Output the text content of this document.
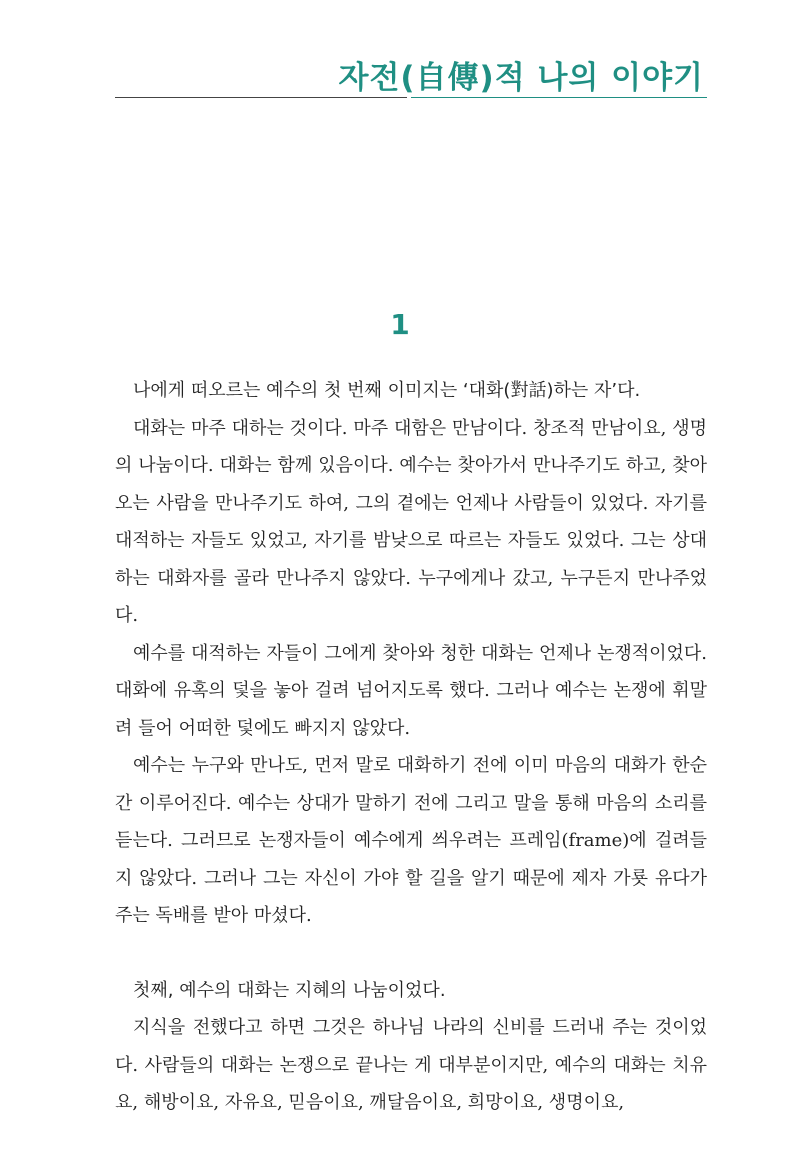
자전(自傳)적 나의 이야기
1

나에게 떠오르는 예수의 첫 번째 이미지는 ‘대화(對話)하는 자’다.

대화는 마주 대하는 것이다. 마주 대함은 만남이다. 창조적 만남이요, 생명의 나눔이다. 대화는 함께 있음이다. 예수는 찾아가서 만나주기도 하고, 찾아오는 사람을 만나주기도 하여, 그의 곁에는 언제나 사람들이 있었다. 자기를 대적하는 자들도 있었고, 자기를 밤낮으로 따르는 자들도 있었다. 그는 상대하는 대화자를 골라 만나주지 않았다. 누구에게나 갔고, 누구든지 만나주었다.

예수를 대적하는 자들이 그에게 찾아와 청한 대화는 언제나 논쟁적이었다. 대화에 유혹의 덫을 놓아 걸려 넘어지도록 했다. 그러나 예수는 논쟁에 휘말려 들어 어떠한 덫에도 빠지지 않았다.

예수는 누구와 만나도, 먼저 말로 대화하기 전에 이미 마음의 대화가 한순간 이루어진다. 예수는 상대가 말하기 전에 그리고 말을 통해 마음의 소리를 듣는다. 그러므로 논쟁자들이 예수에게 씌우려는 프레임(frame)에 걸려들지 않았다. 그러나 그는 자신이 가야 할 길을 알기 때문에 제자 가룟 유다가 주는 독배를 받아 마셨다.

첫째, 예수의 대화는 지혜의 나눔이었다.

지식을 전했다고 하면 그것은 하나님 나라의 신비를 드러내 주는 것이었다. 사람들의 대화는 논쟁으로 끝나는 게 대부분이지만, 예수의 대화는 치유요, 해방이요, 자유요, 믿음이요, 깨달음이요, 희망이요, 생명이요,
